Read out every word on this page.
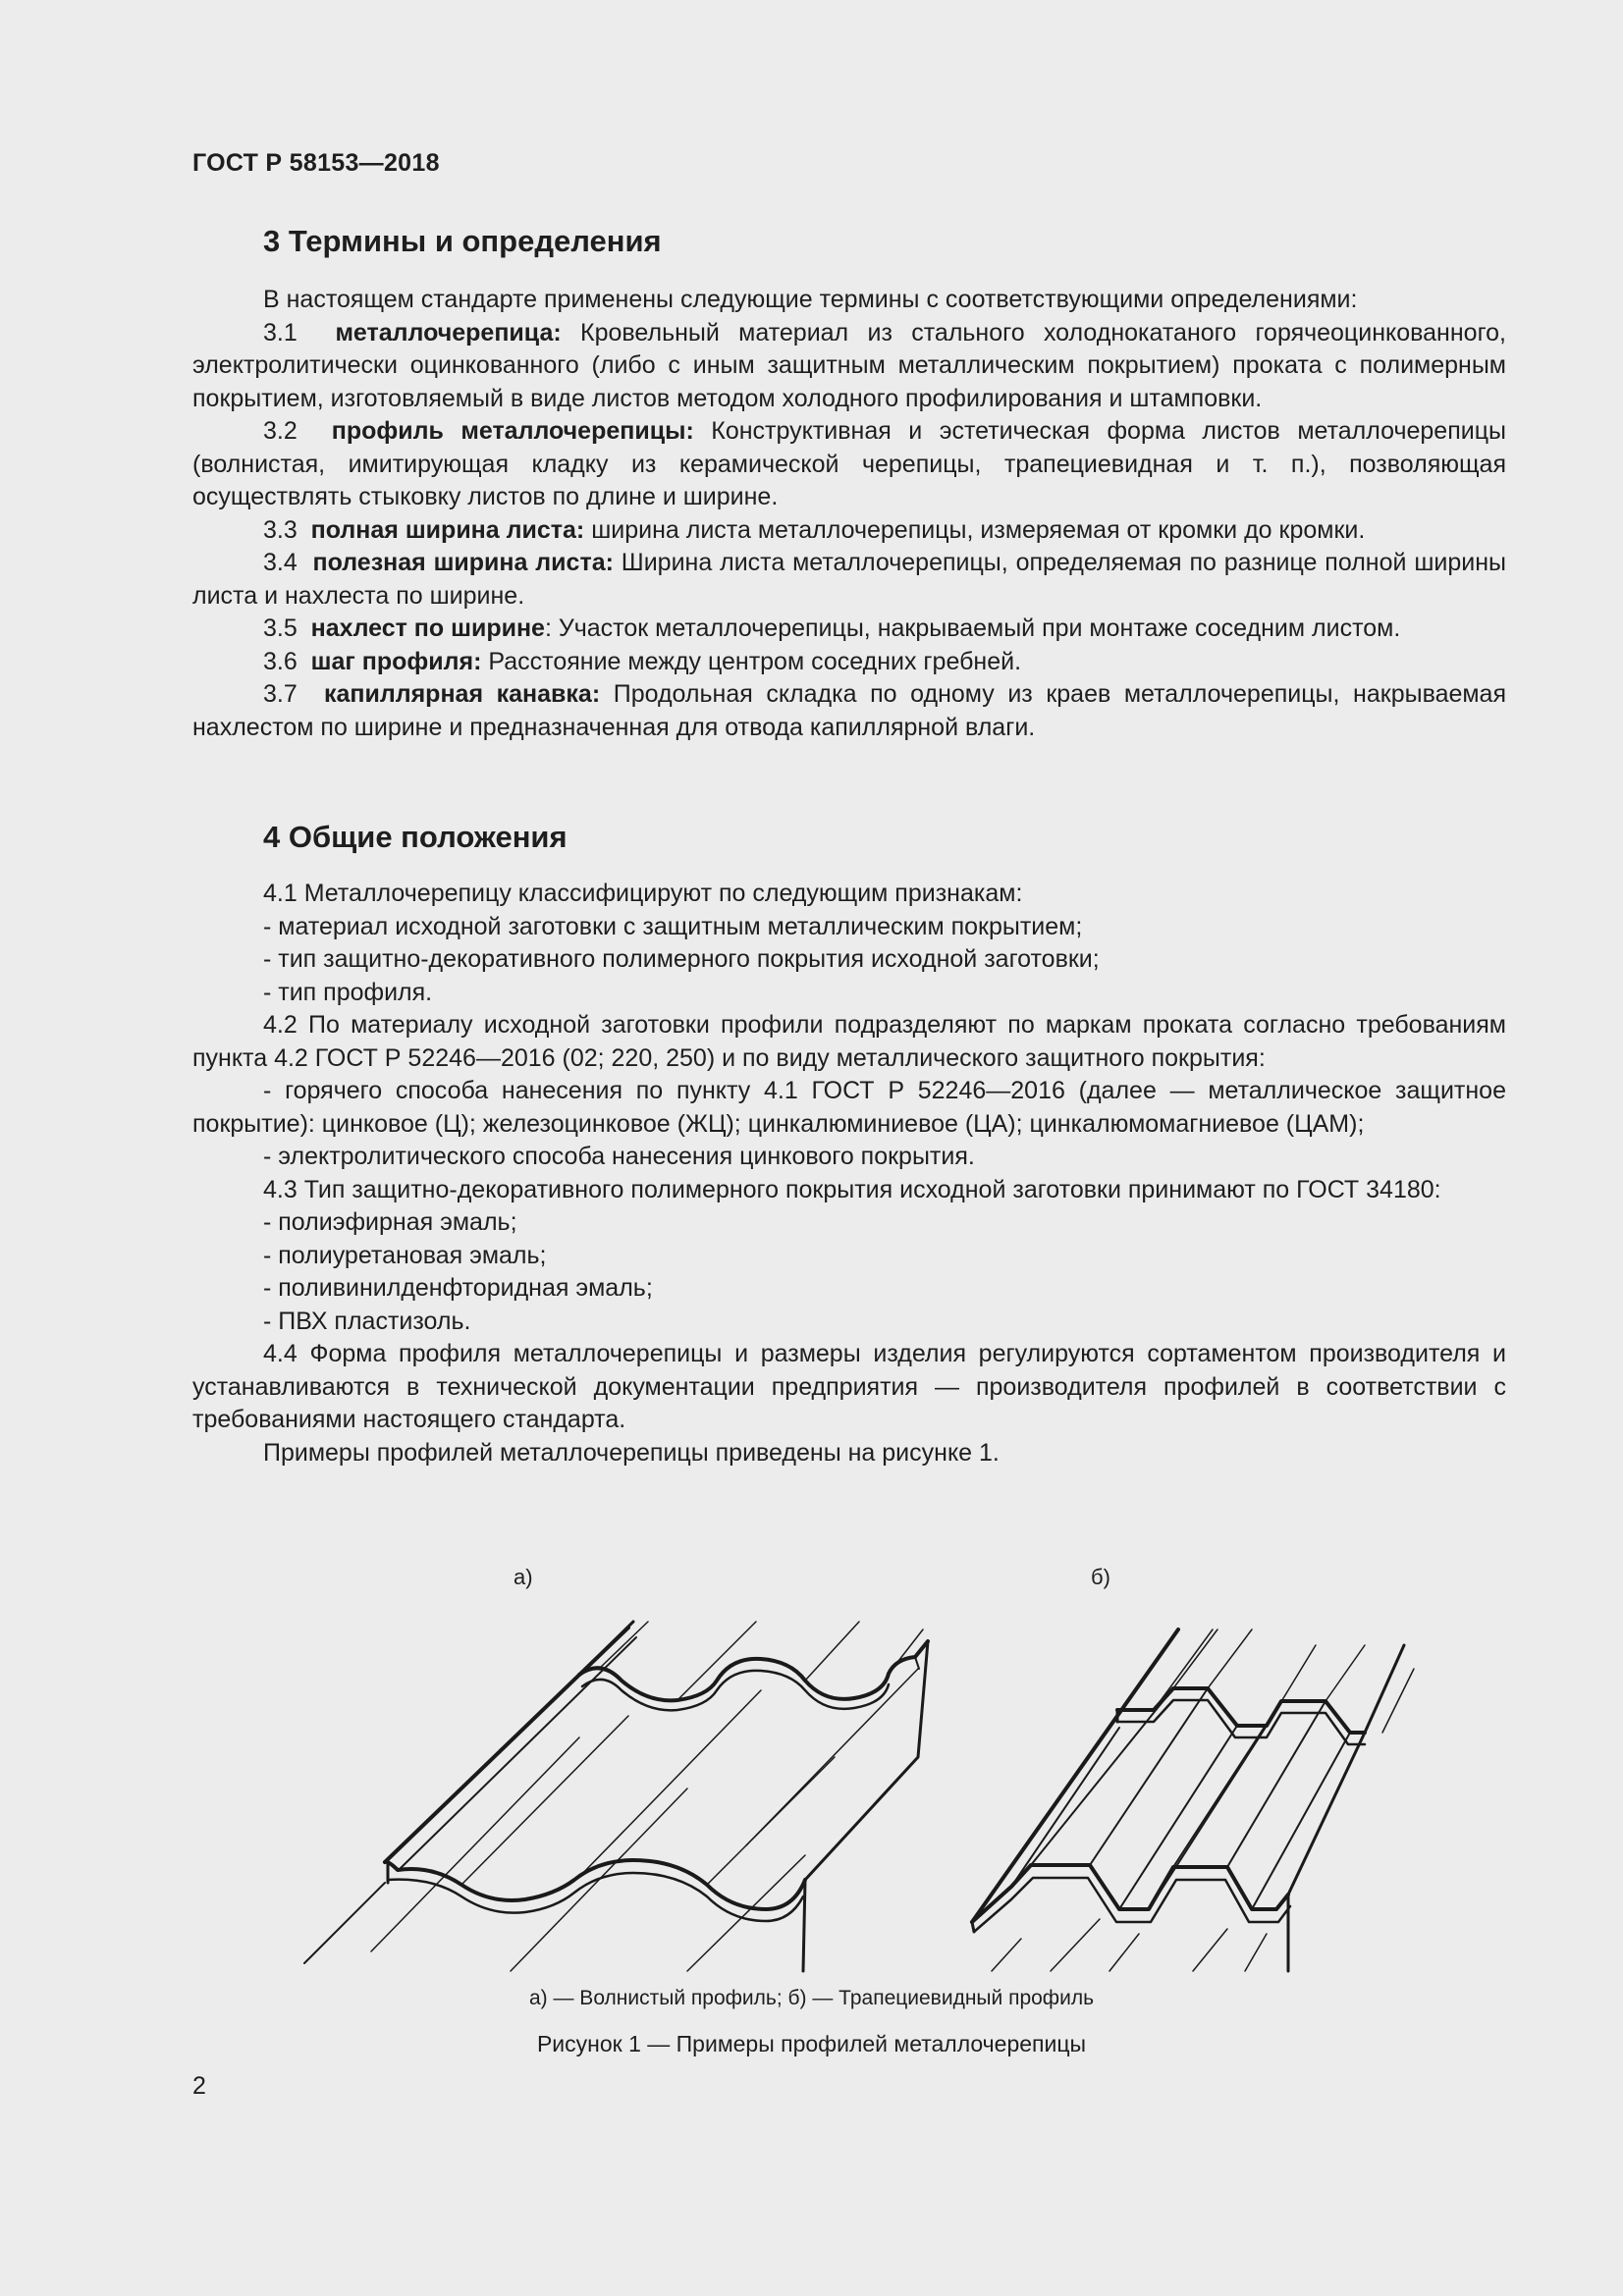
ГОСТ Р 58153—2018
3 Термины и определения

В настоящем стандарте применены следующие термины с соответствующими определениями:

3.1 металлочерепица: Кровельный материал из стального холоднокатаного горячеоцинкованного, электролитически оцинкованного (либо с иным защитным металлическим покрытием) проката с полимерным покрытием, изготовляемый в виде листов методом холодного профилирования и штамповки.

3.2 профиль металлочерепицы: Конструктивная и эстетическая форма листов металлочерепицы (волнистая, имитирующая кладку из керамической черепицы, трапециевидная и т. п.), позволяющая осуществлять стыковку листов по длине и ширине.

3.3 полная ширина листа: ширина листа металлочерепицы, измеряемая от кромки до кромки.

3.4 полезная ширина листа: Ширина листа металлочерепицы, определяемая по разнице полной ширины листа и нахлеста по ширине.

3.5 нахлест по ширине: Участок металлочерепицы, накрываемый при монтаже соседним листом.

3.6 шаг профиля: Расстояние между центром соседних гребней.

3.7 капиллярная канавка: Продольная складка по одному из краев металлочерепицы, накрываемая нахлестом по ширине и предназначенная для отвода капиллярной влаги.

4 Общие положения

4.1 Металлочерепицу классифицируют по следующим признакам:

- материал исходной заготовки с защитным металлическим покрытием;

- тип защитно-декоративного полимерного покрытия исходной заготовки;

- тип профиля.

4.2 По материалу исходной заготовки профили подразделяют по маркам проката согласно требованиям пункта 4.2 ГОСТ Р 52246—2016 (02; 220, 250) и по виду металлического защитного покрытия:

- горячего способа нанесения по пункту 4.1 ГОСТ Р 52246—2016 (далее — металлическое защитное покрытие): цинковое (Ц); железоцинковое (ЖЦ); цинкалюминиевое (ЦА); цинкалюмомагниевое (ЦАМ);

- электролитического способа нанесения цинкового покрытия.

4.3 Тип защитно-декоративного полимерного покрытия исходной заготовки принимают по ГОСТ 34180:

- полиэфирная эмаль;

- полиуретановая эмаль;

- поливинилденфторидная эмаль;

- ПВХ пластизоль.

4.4 Форма профиля металлочерепицы и размеры изделия регулируются сортаментом производителя и устанавливаются в технической документации предприятия — производителя профилей в соответствии с требованиями настоящего стандарта.

Примеры профилей металлочерепицы приведены на рисунке 1.

а)	б)
а) — Волнистый профиль; б) — Трапециевидный профиль
Рисунок 1 — Примеры профилей металлочерепицы
2
